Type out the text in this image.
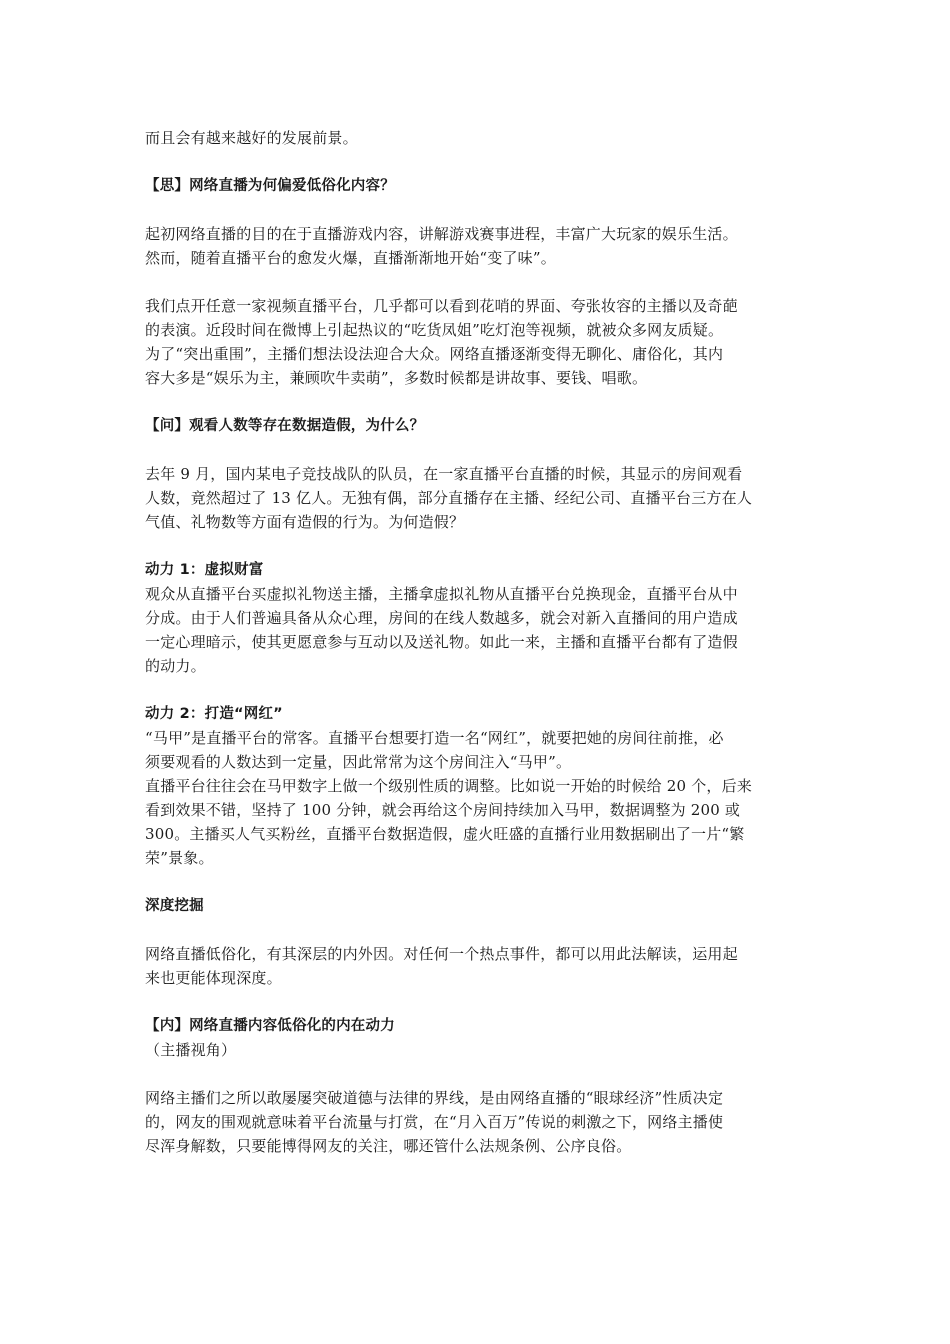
而且会有越来越好的发展前景。

【思】网络直播为何偏爱低俗化内容？

起初网络直播的目的在于直播游戏内容，讲解游戏赛事进程，丰富广大玩家的娱乐生活。
然而，随着直播平台的愈发火爆，直播渐渐地开始“变了味”。

我们点开任意一家视频直播平台，几乎都可以看到花哨的界面、夸张妆容的主播以及奇葩
的表演。近段时间在微博上引起热议的“吃货凤姐”吃灯泡等视频，就被众多网友质疑。
为了“突出重围”，主播们想法设法迎合大众。网络直播逐渐变得无聊化、庸俗化，其内
容大多是“娱乐为主，兼顾吹牛卖萌”，多数时候都是讲故事、要钱、唱歌。

【问】观看人数等存在数据造假，为什么？

去年 9 月，国内某电子竞技战队的队员，在一家直播平台直播的时候，其显示的房间观看
人数，竟然超过了 13 亿人。无独有偶，部分直播存在主播、经纪公司、直播平台三方在人
气值、礼物数等方面有造假的行为。为何造假？

动力 1：虚拟财富

观众从直播平台买虚拟礼物送主播，主播拿虚拟礼物从直播平台兑换现金，直播平台从中
分成。由于人们普遍具备从众心理，房间的在线人数越多，就会对新入直播间的用户造成
一定心理暗示，使其更愿意参与互动以及送礼物。如此一来，主播和直播平台都有了造假
的动力。

动力 2：打造“网红”

“马甲”是直播平台的常客。直播平台想要打造一名“网红”，就要把她的房间往前推，必
须要观看的人数达到一定量，因此常常为这个房间注入“马甲”。
直播平台往往会在马甲数字上做一个级别性质的调整。比如说一开始的时候给 20 个，后来
看到效果不错，坚持了 100 分钟，就会再给这个房间持续加入马甲，数据调整为 200 或
300。主播买人气买粉丝，直播平台数据造假，虚火旺盛的直播行业用数据刷出了一片“繁
荣”景象。

深度挖掘

网络直播低俗化，有其深层的内外因。对任何一个热点事件，都可以用此法解读，运用起
来也更能体现深度。

【内】网络直播内容低俗化的内在动力

（主播视角）

网络主播们之所以敢屡屡突破道德与法律的界线，是由网络直播的“眼球经济”性质决定
的，网友的围观就意味着平台流量与打赏，在“月入百万”传说的刺激之下，网络主播使
尽浑身解数，只要能博得网友的关注，哪还管什么法规条例、公序良俗。
